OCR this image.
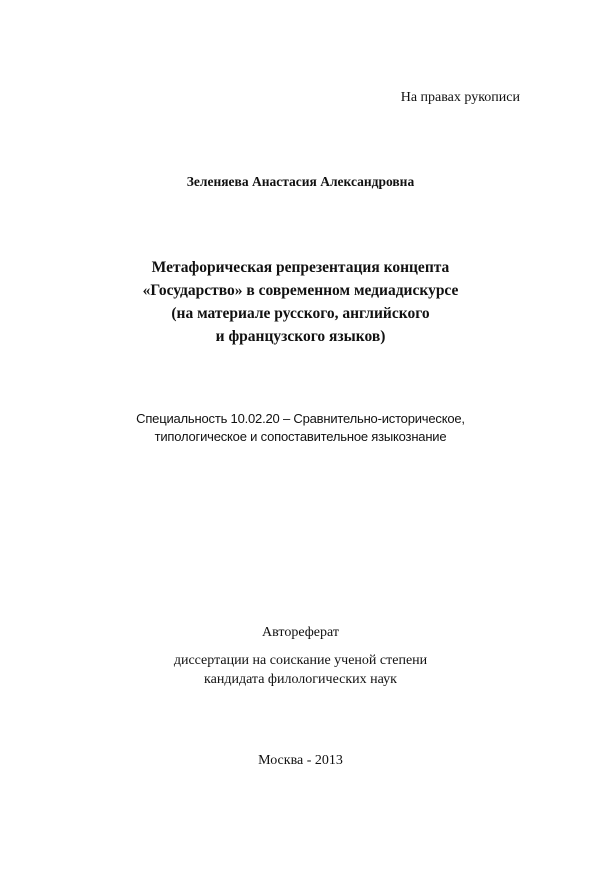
На правах рукописи
Зеленяева Анастасия Александровна
Метафорическая репрезентация концепта
«Государство» в современном медиадискурсе
(на материале русского, английского
и французского языков)
Специальность 10.02.20 – Сравнительно-историческое,
типологическое и сопоставительное языкознание
Автореферат
диссертации на соискание ученой степени
кандидата филологических наук
Москва - 2013
